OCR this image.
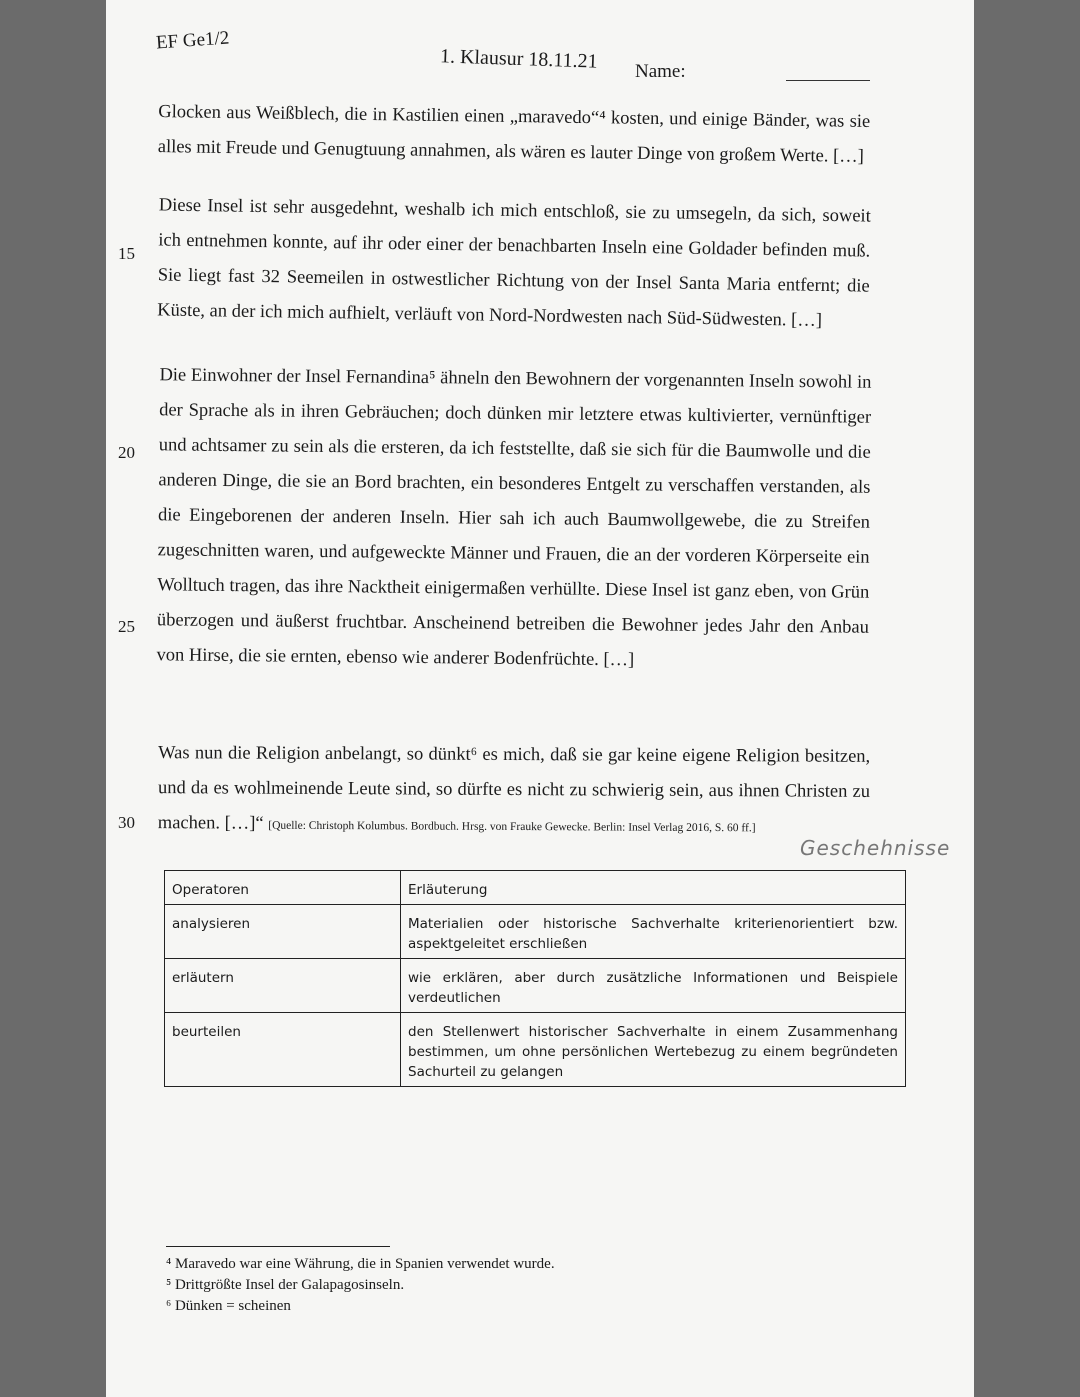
EF Ge1/2
1. Klausur 18.11.21 Name:
Glocken aus Weißblech, die in Kastilien einen „maravedo“⁴ kosten, und einige Bänder, was sie alles mit Freude und Genugtuung annahmen, als wären es lauter Dinge von großem Werte. […]
Diese Insel ist sehr ausgedehnt, weshalb ich mich entschloß, sie zu umsegeln, da sich, soweit ich entnehmen konnte, auf ihr oder einer der benachbarten Inseln eine Goldader befinden muß. Sie liegt fast 32 Seemeilen in ostwestlicher Richtung von der Insel Santa Maria entfernt; die Küste, an der ich mich aufhielt, verläuft von Nord-Nordwesten nach Süd-Südwesten. […]
Die Einwohner der Insel Fernandina⁵ ähneln den Bewohnern der vorgenannten Inseln sowohl in der Sprache als in ihren Gebräuchen; doch dünken mir letztere etwas kultivierter, vernünftiger und achtsamer zu sein als die ersteren, da ich feststellte, daß sie sich für die Baumwolle und die anderen Dinge, die sie an Bord brachten, ein besonderes Entgelt zu verschaffen verstanden, als die Eingeborenen der anderen Inseln. Hier sah ich auch Baumwollgewebe, die zu Streifen zugeschnitten waren, und aufgeweckte Männer und Frauen, die an der vorderen Körperseite ein Wolltuch tragen, das ihre Nacktheit einigermaßen verhüllte. Diese Insel ist ganz eben, von Grün überzogen und äußerst fruchtbar. Anscheinend betreiben die Bewohner jedes Jahr den Anbau von Hirse, die sie ernten, ebenso wie anderer Bodenfrüchte. […]
Was nun die Religion anbelangt, so dünkt⁶ es mich, daß sie gar keine eigene Religion besitzen, und da es wohlmeinende Leute sind, so dürfte es nicht zu schwierig sein, aus ihnen Christen zu machen. […]“ [Quelle: Christoph Kolumbus. Bordbuch. Hrsg. von Frauke Gewecke. Berlin: Insel Verlag 2016, S. 60 ff.]
15
20
25
30
Geschehnisse
Operatoren	Erläuterung
analysieren	Materialien oder historische Sachverhalte kriterienorientiert bzw. aspektgeleitet erschließen
erläutern	wie erklären, aber durch zusätzliche Informationen und Beispiele verdeutlichen
beurteilen	den Stellenwert historischer Sachverhalte in einem Zusammenhang bestimmen, um ohne persönlichen Wertebezug zu einem begründeten Sachurteil zu gelangen
⁴ Maravedo war eine Währung, die in Spanien verwendet wurde.
⁵ Drittgrößte Insel der Galapagosinseln.
⁶ Dünken = scheinen
